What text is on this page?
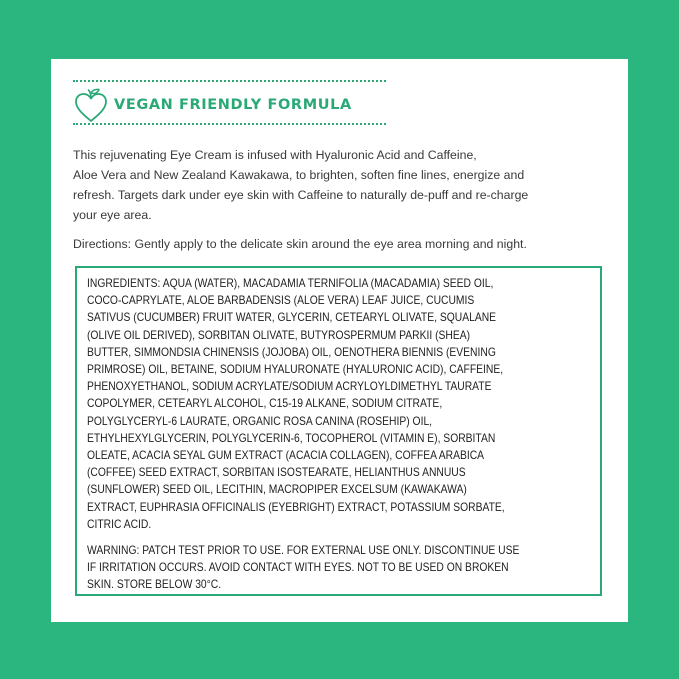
VEGAN FRIENDLY FORMULA
This rejuvenating Eye Cream is infused with Hyaluronic Acid and Caffeine,
Aloe Vera and New Zealand Kawakawa, to brighten, soften fine lines, energize and
refresh. Targets dark under eye skin with Caffeine to naturally de-puff and re-charge
your eye area.
Directions: Gently apply to the delicate skin around the eye area morning and night.
INGREDIENTS: AQUA (WATER), MACADAMIA TERNIFOLIA (MACADAMIA) SEED OIL,
COCO-CAPRYLATE, ALOE BARBADENSIS (ALOE VERA) LEAF JUICE, CUCUMIS
SATIVUS (CUCUMBER) FRUIT WATER, GLYCERIN, CETEARYL OLIVATE, SQUALANE
(OLIVE OIL DERIVED), SORBITAN OLIVATE, BUTYROSPERMUM PARKII (SHEA)
BUTTER, SIMMONDSIA CHINENSIS (JOJOBA) OIL, OENOTHERA BIENNIS (EVENING
PRIMROSE) OIL, BETAINE, SODIUM HYALURONATE (HYALURONIC ACID), CAFFEINE,
PHENOXYETHANOL, SODIUM ACRYLATE/SODIUM ACRYLOYLDIMETHYL TAURATE
COPOLYMER, CETEARYL ALCOHOL, C15-19 ALKANE, SODIUM CITRATE,
POLYGLYCERYL-6 LAURATE, ORGANIC ROSA CANINA (ROSEHIP) OIL,
ETHYLHEXYLGLYCERIN, POLYGLYCERIN-6, TOCOPHEROL (VITAMIN E), SORBITAN
OLEATE, ACACIA SEYAL GUM EXTRACT (ACACIA COLLAGEN), COFFEA ARABICA
(COFFEE) SEED EXTRACT, SORBITAN ISOSTEARATE, HELIANTHUS ANNUUS
(SUNFLOWER) SEED OIL, LECITHIN, MACROPIPER EXCELSUM (KAWAKAWA)
EXTRACT, EUPHRASIA OFFICINALIS (EYEBRIGHT) EXTRACT, POTASSIUM SORBATE,
CITRIC ACID.
WARNING: PATCH TEST PRIOR TO USE. FOR EXTERNAL USE ONLY. DISCONTINUE USE
IF IRRITATION OCCURS. AVOID CONTACT WITH EYES. NOT TO BE USED ON BROKEN
SKIN. STORE BELOW 30°C.
